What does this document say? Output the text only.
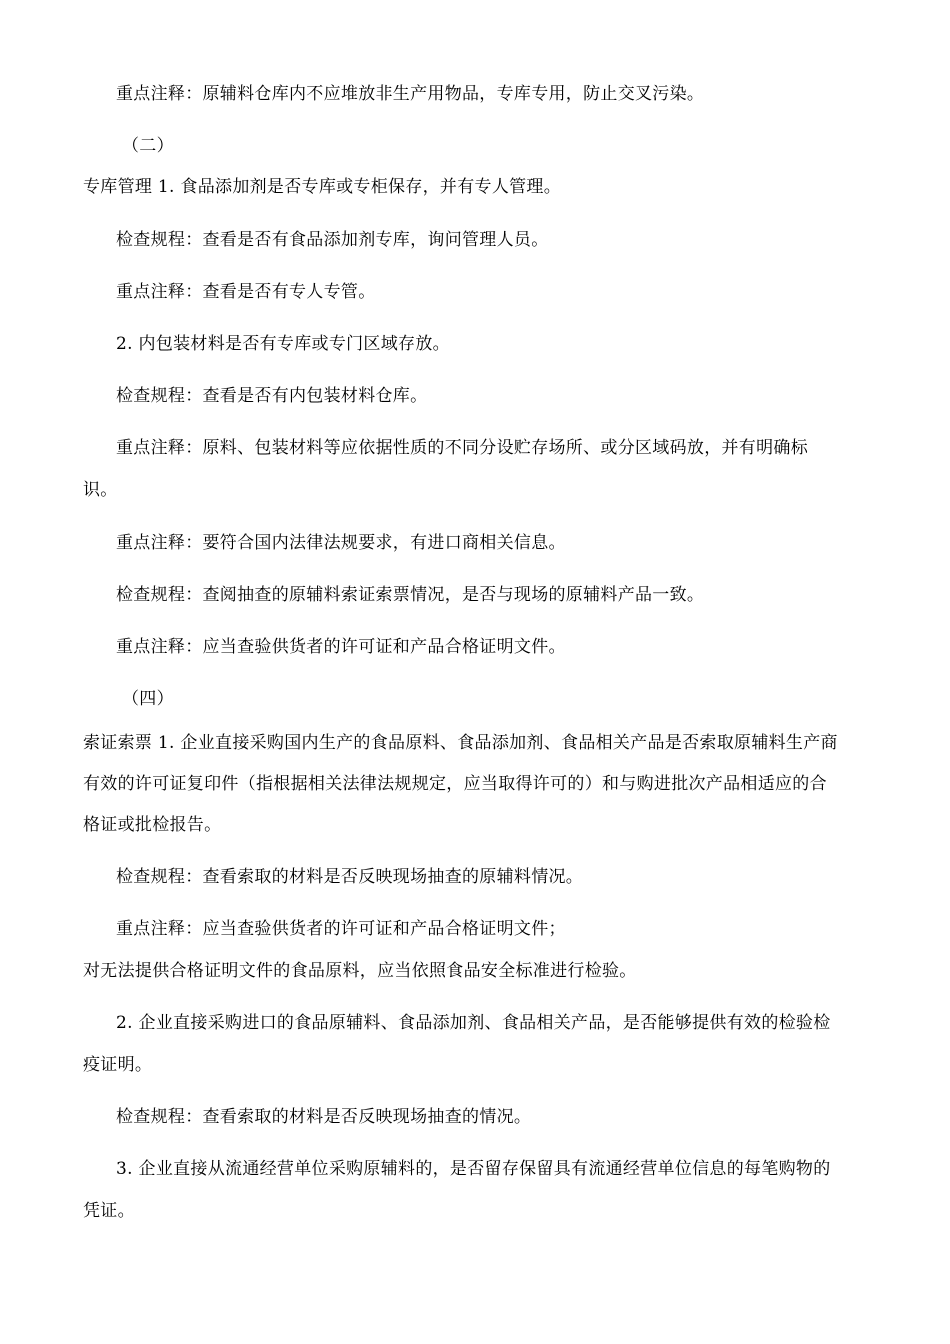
重点注释：原辅料仓库内不应堆放非生产用物品，专库专用，防止交叉污染。
（二）
专库管理 1. 食品添加剂是否专库或专柜保存，并有专人管理。
检查规程：查看是否有食品添加剂专库，询问管理人员。
重点注释：查看是否有专人专管。
2. 内包装材料是否有专库或专门区域存放。
检查规程：查看是否有内包装材料仓库。
重点注释：原料、包装材料等应依据性质的不同分设贮存场所、或分区域码放，并有明确标
识。
重点注释：要符合国内法律法规要求，有进口商相关信息。
检查规程：查阅抽查的原辅料索证索票情况，是否与现场的原辅料产品一致。
重点注释：应当查验供货者的许可证和产品合格证明文件。
（四）
索证索票 1. 企业直接采购国内生产的食品原料、食品添加剂、食品相关产品是否索取原辅料生产商
有效的许可证复印件（指根据相关法律法规规定，应当取得许可的）和与购进批次产品相适应的合
格证或批检报告。
检查规程：查看索取的材料是否反映现场抽查的原辅料情况。
重点注释：应当查验供货者的许可证和产品合格证明文件；
对无法提供合格证明文件的食品原料，应当依照食品安全标准进行检验。
2. 企业直接采购进口的食品原辅料、食品添加剂、食品相关产品，是否能够提供有效的检验检
疫证明。
检查规程：查看索取的材料是否反映现场抽查的情况。
3. 企业直接从流通经营单位采购原辅料的，是否留存保留具有流通经营单位信息的每笔购物的
凭证。
